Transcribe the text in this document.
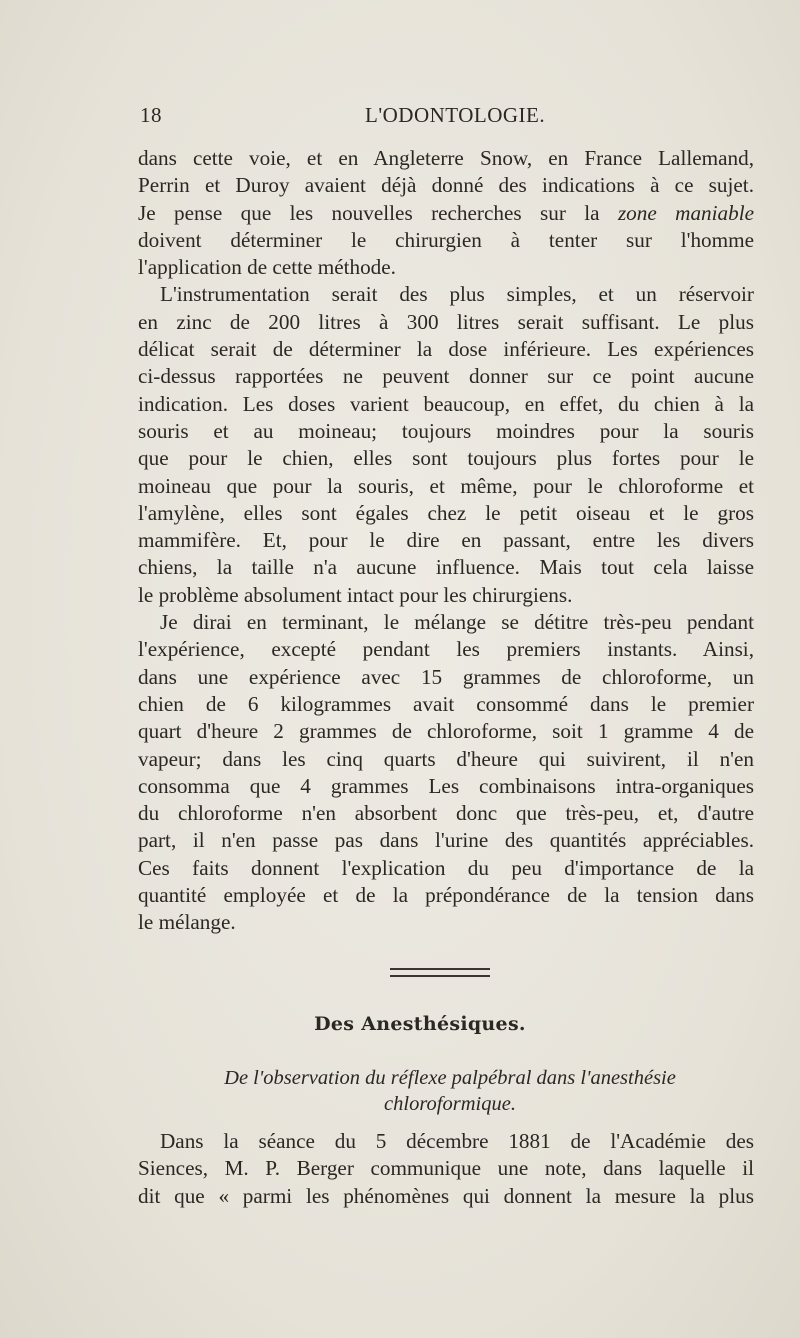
18	L'ODONTOLOGIE.

dans cette voie, et en Angleterre Snow, en France Lallemand,
Perrin et Duroy avaient déjà donné des indications à ce sujet.
Je pense que les nouvelles recherches sur la zone maniable
doivent déterminer le chirurgien à tenter sur l'homme
l'application de cette méthode.

L'instrumentation serait des plus simples, et un réservoir
en zinc de 200 litres à 300 litres serait suffisant. Le plus
délicat serait de déterminer la dose inférieure. Les expériences
ci-dessus rapportées ne peuvent donner sur ce point aucune
indication. Les doses varient beaucoup, en effet, du chien à la
souris et au moineau; toujours moindres pour la souris
que pour le chien, elles sont toujours plus fortes pour le
moineau que pour la souris, et même, pour le chloroforme et
l'amylène, elles sont égales chez le petit oiseau et le gros
mammifère. Et, pour le dire en passant, entre les divers
chiens, la taille n'a aucune influence. Mais tout cela laisse
le problème absolument intact pour les chirurgiens.

Je dirai en terminant, le mélange se détitre très-peu pendant
l'expérience, excepté pendant les premiers instants. Ainsi,
dans une expérience avec 15 grammes de chloroforme, un
chien de 6 kilogrammes avait consommé dans le premier
quart d'heure 2 grammes de chloroforme, soit 1 gramme 4 de
vapeur; dans les cinq quarts d'heure qui suivirent, il n'en
consomma que 4 grammes Les combinaisons intra-organiques
du chloroforme n'en absorbent donc que très-peu, et, d'autre
part, il n'en passe pas dans l'urine des quantités appréciables.
Ces faits donnent l'explication du peu d'importance de la
quantité employée et de la prépondérance de la tension dans
le mélange.

Des Anesthésiques.
De l'observation du réflexe palpébral dans l'anesthésie
chloroformique.
Dans la séance du 5 décembre 1881 de l'Académie des
Siences, M. P. Berger communique une note, dans laquelle il
dit que « parmi les phénomènes qui donnent la mesure la plus
